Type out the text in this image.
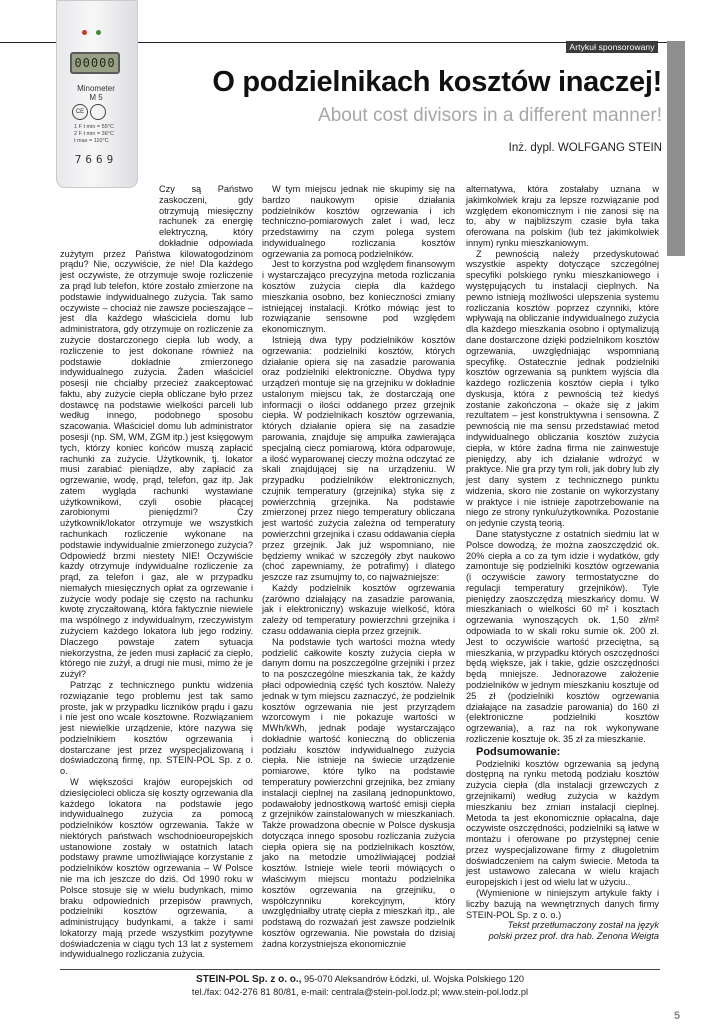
Artykuł sponsorowany
00000
Minometer
M 5
CE
1 F t min = 55°C
2 F t min = 36°C
t max = 110°C
7669
O podzielnikach kosztów inaczej!
About cost divisors in a different manner!
Inż. dypl. WOLFGANG STEIN

Czy są Państwo zaskoczeni, gdy otrzymują miesięczny rachunek za energię elektryczną, który dokładnie odpowiada zużytym przez Państwa kilowatogodzinom prądu? Nie, oczywiście, że nie! Dla każdego jest oczywiste, że otrzymuje swoje rozliczenie za prąd lub telefon, które zostało zmierzone na podstawie indywidualnego zużycia. Tak samo oczywiste – chociaż nie zawsze pocieszające – jest dla każdego właściciela domu lub administratora, gdy otrzymuje on rozliczenie za zużycie dostarczonego ciepła lub wody, a rozliczenie to jest dokonane również na podstawie dokładnie zmierzonego indywidualnego zużycia. Żaden właściciel posesji nie chciałby przecież zaakceptować faktu, aby zużycie ciepła obliczane było przez dostawcę na podstawie wielkości parceli lub według innego, podobnego sposobu szacowania. Właściciel domu lub administrator posesji (np. SM, WM, ZGM itp.) jest księgowym tych, którzy koniec końców muszą zapłacić rachunki za zużycie. Użytkownik, tj. lokator musi zarabiać pieniądze, aby zapłacić za ogrzewanie, wodę, prąd, telefon, gaz itp. Jak zatem wygląda rachunki wystawiane użytkownikowi, czyli osobie płacącej zarobionymi pieniędzmi? Czy użytkownik/lokator otrzymuje we wszystkich rachunkach rozliczenie wykonane na podstawie indywidualnie zmierzonego zużycia? Odpowiedź brzmi niestety NIE! Oczywiście każdy otrzymuje indywidualne rozliczenie za prąd, za telefon i gaz, ale w przypadku niemałych miesięcznych opłat za ogrzewanie i zużycie wody podaje się często na rachunku kwotę zryczałtowaną, która faktycznie niewiele ma wspólnego z indywidualnym, rzeczywistym zużyciem każdego lokatora lub jego rodziny. Dlaczego powstaje zatem sytuacja niekorzystna, że jeden musi zapłacić za ciepło, którego nie zużył, a drugi nie musi, mimo że je zużył?

Patrząc z technicznego punktu widzenia rozwiązanie tego problemu jest tak samo proste, jak w przypadku liczników prądu i gazu i nie jest ono wcale kosztowne. Rozwiązaniem jest niewielkie urządzenie, które nazywa się podzielnikiem kosztów ogrzewania i dostarczane jest przez wyspecjalizowaną i doświadczoną firmę, np. STEIN-POL Sp. z o. o.

W większości krajów europejskich od dziesięcioleci oblicza się koszty ogrzewania dla każdego lokatora na podstawie jego indywidualnego zużycia za pomocą podzielników kosztów ogrzewania. Także w niektórych państwach wschodnioeuropejskich ustanowione zostały w ostatnich latach podstawy prawne umożliwiające korzystanie z podzielników kosztów ogrzewania – W Polsce nie ma ich jeszcze do dziś. Od 1990 roku w Polsce stosuje się w wielu budynkach, mimo braku odpowiednich przepisów prawnych, podzielniki kosztów ogrzewania, a administrujący budynkami, a także i sami lokatorzy mają przede wszystkim pozytywne doświadczenia w ciągu tych 13 lat z systemem indywidualnego rozliczania zużycia.

W tym miejscu jednak nie skupimy się na bardzo naukowym opisie działania podzielników kosztów ogrzewania i ich techniczno-pomiarowych zalet i wad, lecz przedstawimy na czym polega system indywidualnego rozliczania kosztów ogrzewania za pomocą podzielników.

Jest to korzystna pod względem finansowym i wystarczająco precyzyjna metoda rozliczania kosztów zużycia ciepła dla każdego mieszkania osobno, bez konieczności zmiany istniejącej instalacji. Krótko mówiąc jest to rozwiązanie sensowne pod względem ekonomicznym.

Istnieją dwa typy podzielników kosztów ogrzewania: podzielniki kosztów, których działanie opiera się na zasadzie parowania oraz podzielniki elektroniczne. Obydwa typy urządzeń montuje się na grzejniku w dokładnie ustalonym miejscu tak, że dostarczają one informacji o ilości oddanego przez grzejnik ciepła. W podzielnikach kosztów ogrzewania, których działanie opiera się na zasadzie parowania, znajduje się ampułka zawierająca specjalną ciecz pomiarową, która odparowuje, a ilość wyparowanej cieczy można odczytać ze skali znajdującej się na urządzeniu. W przypadku podzielników elektronicznych, czujnik temperatury (grzejnika) styka się z powierzchnią grzejnika. Na podstawie zmierzonej przez niego temperatury obliczana jest wartość zużycia zależna od temperatury powierzchni grzejnika i czasu oddawania ciepła przez grzejnik. Jak już wspomniano, nie będziemy wnikać w szczegóły zbyt naukowo (choć zapewniamy, że potrafimy) i dlatego jeszcze raz zsumujmy to, co najważniejsze:

Każdy podzielnik kosztów ogrzewania (zarówno działający na zasadzie parowania, jak i elektroniczny) wskazuje wielkość, która zależy od temperatury powierzchni grzejnika i czasu oddawania ciepła przez grzejnik.

Na podstawie tych wartości można wtedy podzielić całkowite koszty zużycia ciepła w danym domu na poszczególne grzejniki i przez to na poszczególne mieszkania tak, że każdy płaci odpowiednią część tych kosztów. Należy jednak w tym miejscu zaznaczyć, że podzielnik kosztów ogrzewania nie jest przyrządem wzorcowym i nie pokazuje wartości w MWh/kWh, jednak podaje wystarczająco dokładnie wartość konieczną do obliczenia podziału kosztów indywidualnego zużycia ciepła. Nie istnieje na świecie urządzenie pomiarowe, które tylko na podstawie temperatury powierzchni grzejnika, bez zmiany instalacji cieplnej na zasilaną jednopunktowo, podawałoby jednostkową wartość emisji ciepła z grzejników zainstalowanych w mieszkaniach. Także prowadzona obecnie w Polsce dyskusja dotycząca innego sposobu rozliczania zużycia ciepła opiera się na podzielnikach kosztów, jako na metodzie umożliwiającej podział kosztów. Istnieje wiele teorii mówiących o właściwym miejscu montażu podzielnika kosztów ogrzewania na grzejniku, o współczynniku korekcyjnym, który uwzględniałby utratę ciepła z mieszkań itp., ale podstawą do rozważań jest zawsze podzielnik kosztów ogrzewania. Nie powstała do dzisiaj żadna korzystniejsza ekonomicznie

alternatywa, która zostałaby uznana w jakimkolwiek kraju za lepsze rozwiązanie pod względem ekonomicznym i nie zanosi się na to, aby w najbliższym czasie była taka oferowana na polskim (lub też jakimkolwiek innym) rynku mieszkaniowym.

Z pewnością należy przedyskutować wszystkie aspekty dotyczące szczególnej specyfiki polskiego rynku mieszkaniowego i występujących tu instalacji cieplnych. Na pewno istnieją możliwości ulepszenia systemu rozliczania kosztów poprzez czynniki, które wpływają na obliczanie indywidualnego zużycia dla każdego mieszkania osobno i optymalizują dane dostarczone dzięki podzielnikom kosztów ogrzewania, uwzględniając wspomnianą specyfikę. Ostatecznie jednak podzielniki kosztów ogrzewania są punktem wyjścia dla każdego rozliczenia kosztów ciepła i tylko dyskusja, która z pewnością też kiedyś zostanie zakończona – okaże się z jakim rezultatem – jest konstruktywna i sensowna. Z pewnością nie ma sensu przedstawiać metod indywidualnego obliczania kosztów zużycia ciepła, w które żadna firma nie zainwestuje pieniędzy, aby ich działanie wdrożyć w praktyce. Nie gra przy tym roli, jak dobry lub zły jest dany system z technicznego punktu widzenia, skoro nie zostanie on wykorzystany w praktyce i nie istnieje zapotrzebowanie na niego ze strony rynku/użytkownika. Pozostanie on jedynie czystą teorią.

Dane statystyczne z ostatnich siedmiu lat w Polsce dowodzą, że można zaoszczędzić ok. 20% ciepła a co za tym idzie i wydatków, gdy zamontuje się podzielniki kosztów ogrzewania (i oczywiście zawory termostatyczne do regulacji temperatury grzejników). Tyle pieniędzy zaoszczędzą mieszkańcy domu. W mieszkaniach o wielkości 60 m² i kosztach ogrzewania wynoszących ok. 1,50 zł/m² odpowiada to w skali roku sumie ok. 200 zł. Jest to oczywiście wartość przeciętna, są mieszkania, w przypadku których oszczędności będą większe, jak i takie, gdzie oszczędności będą mniejsze. Jednorazowe założenie podzielników w jednym mieszkaniu kosztuje od 25 zł (podzielniki kosztów ogrzewania działające na zasadzie parowania) do 160 zł (elektroniczne podzielniki kosztów ogrzewania), a raz na rok wykonywane rozliczenie kosztuje ok. 35 zł za mieszkanie.

Podsumowanie:

Podzielniki kosztów ogrzewania są jedyną dostępną na rynku metodą podziału kosztów zużycia ciepła (dla instalacji grzewczych z grzejnikami) według zużycia w każdym mieszkaniu bez zmian instalacji cieplnej. Metoda ta jest ekonomicznie opłacalna, daje oczywiste oszczędności, podzielniki są łatwe w montażu i oferowane po przystępnej cenie przez wyspecjalizowane firmy z długoletnim doświadczeniem na całym świecie. Metoda ta jest ustawowo zalecana w wielu krajach europejskich i jest od wielu lat w użyciu..

(Wymienione w niniejszym artykule fakty i liczby bazują na wewnętrznych danych firmy STEIN-POL Sp. z o. o.)

Tekst przetłumaczony został na język

polski przez prof. dra hab. Zenona Weigta

STEIN-POL Sp. z o. o., 95-070 Aleksandrów Łódzki, ul. Wojska Polskiego 120
tel./fax: 042-276 81 80/81, e-mail: centrala@stein-pol.lodz.pl; www.stein-pol.lodz.pl
5
